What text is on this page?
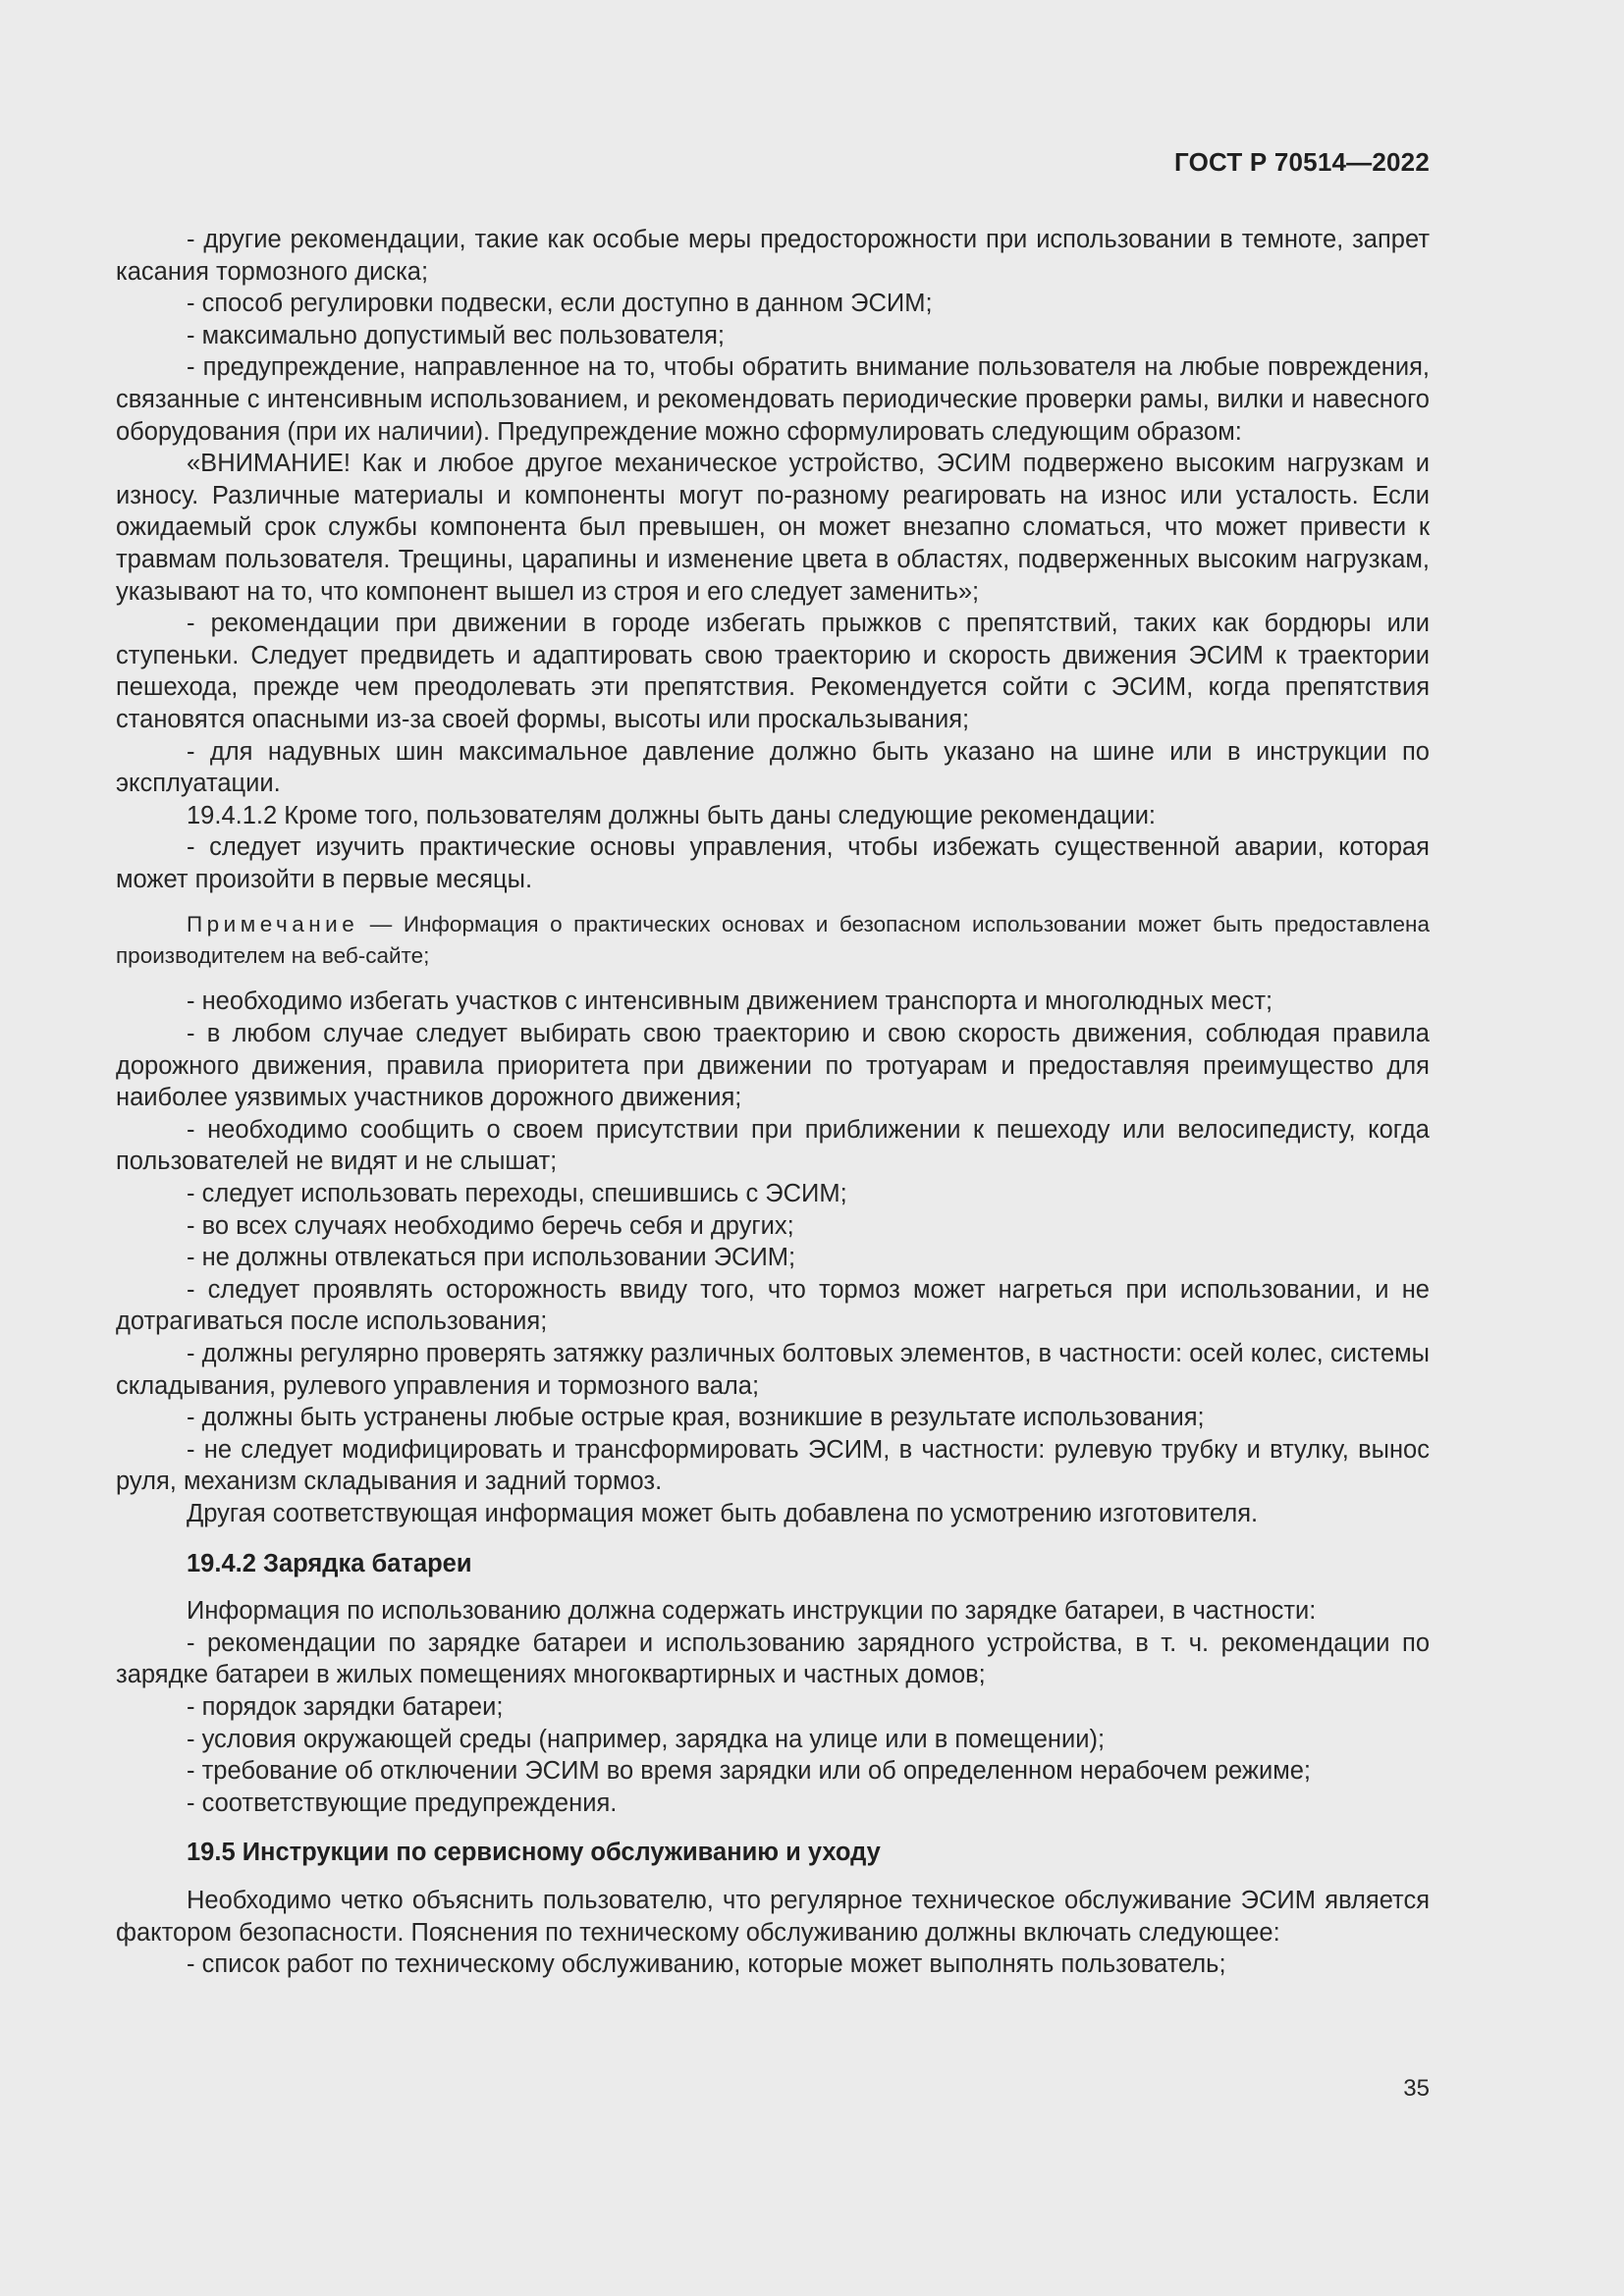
ГОСТ Р 70514—2022

- другие рекомендации, такие как особые меры предосторожности при использовании в темноте, запрет касания тормозного диска;

- способ регулировки подвески, если доступно в данном ЭСИМ;

- максимально допустимый вес пользователя;

- предупреждение, направленное на то, чтобы обратить внимание пользователя на любые повреждения, связанные с интенсивным использованием, и рекомендовать периодические проверки рамы, вилки и навесного оборудования (при их наличии). Предупреждение можно сформулировать следующим образом:

«ВНИМАНИЕ! Как и любое другое механическое устройство, ЭСИМ подвержено высоким нагрузкам и износу. Различные материалы и компоненты могут по-разному реагировать на износ или усталость. Если ожидаемый срок службы компонента был превышен, он может внезапно сломаться, что может привести к травмам пользователя. Трещины, царапины и изменение цвета в областях, подверженных высоким нагрузкам, указывают на то, что компонент вышел из строя и его следует заменить»;

- рекомендации при движении в городе избегать прыжков с препятствий, таких как бордюры или ступеньки. Следует предвидеть и адаптировать свою траекторию и скорость движения ЭСИМ к траектории пешехода, прежде чем преодолевать эти препятствия. Рекомендуется сойти с ЭСИМ, когда препятствия становятся опасными из-за своей формы, высоты или проскальзывания;

- для надувных шин максимальное давление должно быть указано на шине или в инструкции по эксплуатации.

19.4.1.2 Кроме того, пользователям должны быть даны следующие рекомендации:

- следует изучить практические основы управления, чтобы избежать существенной аварии, которая может произойти в первые месяцы.

Примечание — Информация о практических основах и безопасном использовании может быть предоставлена производителем на веб-сайте;

- необходимо избегать участков с интенсивным движением транспорта и многолюдных мест;

- в любом случае следует выбирать свою траекторию и свою скорость движения, соблюдая правила дорожного движения, правила приоритета при движении по тротуарам и предоставляя преимущество для наиболее уязвимых участников дорожного движения;

- необходимо сообщить о своем присутствии при приближении к пешеходу или велосипедисту, когда пользователей не видят и не слышат;

- следует использовать переходы, спешившись с ЭСИМ;

- во всех случаях необходимо беречь себя и других;

- не должны отвлекаться при использовании ЭСИМ;

- следует проявлять осторожность ввиду того, что тормоз может нагреться при использовании, и не дотрагиваться после использования;

- должны регулярно проверять затяжку различных болтовых элементов, в частности: осей колес, системы складывания, рулевого управления и тормозного вала;

- должны быть устранены любые острые края, возникшие в результате использования;

- не следует модифицировать и трансформировать ЭСИМ, в частности: рулевую трубку и втулку, вынос руля, механизм складывания и задний тормоз.

Другая соответствующая информация может быть добавлена по усмотрению изготовителя.

19.4.2 Зарядка батареи

Информация по использованию должна содержать инструкции по зарядке батареи, в частности:

- рекомендации по зарядке батареи и использованию зарядного устройства, в т. ч. рекомендации по зарядке батареи в жилых помещениях многоквартирных и частных домов;

- порядок зарядки батареи;

- условия окружающей среды (например, зарядка на улице или в помещении);

- требование об отключении ЭСИМ во время зарядки или об определенном нерабочем режиме;

- соответствующие предупреждения.

19.5 Инструкции по сервисному обслуживанию и уходу

Необходимо четко объяснить пользователю, что регулярное техническое обслуживание ЭСИМ является фактором безопасности. Пояснения по техническому обслуживанию должны включать следующее:

- список работ по техническому обслуживанию, которые может выполнять пользователь;

35
